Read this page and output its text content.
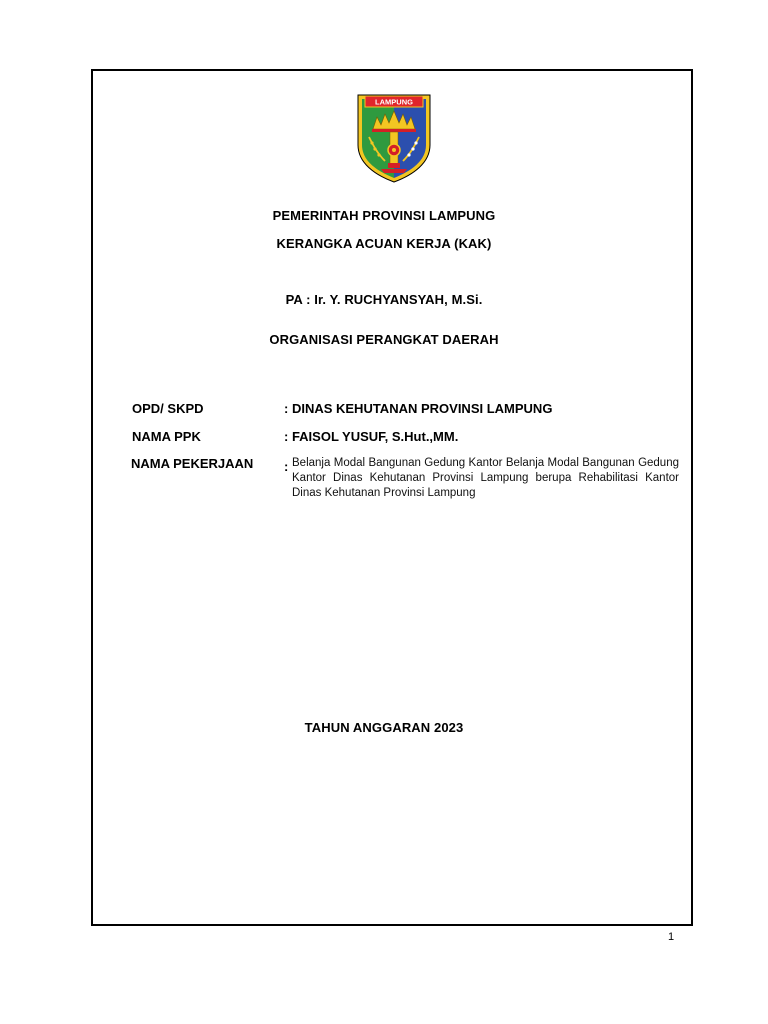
LAMPUNG
PEMERINTAH PROVINSI LAMPUNG
KERANGKA ACUAN KERJA (KAK)
PA : Ir. Y. RUCHYANSYAH, M.Si.
ORGANISASI PERANGKAT DAERAH
OPD/ SKPD	: DINAS KEHUTANAN PROVINSI LAMPUNG
NAMA PPK	: FAISOL YUSUF, S.Hut.,MM.
NAMA PEKERJAAN : Belanja Modal Bangunan Gedung Kantor Belanja Modal Bangunan Gedung Kantor Dinas Kehutanan Provinsi Lampung berupa Rehabilitasi Kantor Dinas Kehutanan Provinsi Lampung
TAHUN ANGGARAN 2023
1
